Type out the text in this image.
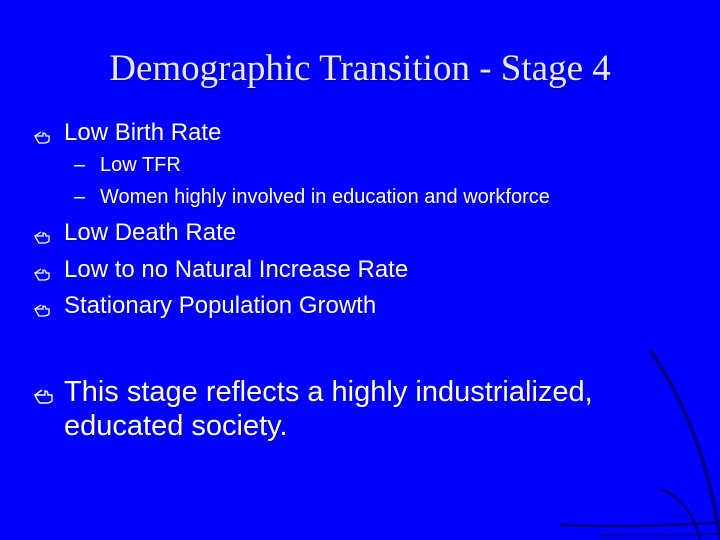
Demographic Transition - Stage 4
Low Birth Rate
– Low TFR
– Women highly involved in education and workforce
Low Death Rate
Low to no Natural Increase Rate
Stationary Population Growth
This stage reflects a highly industrialized,
educated society.
